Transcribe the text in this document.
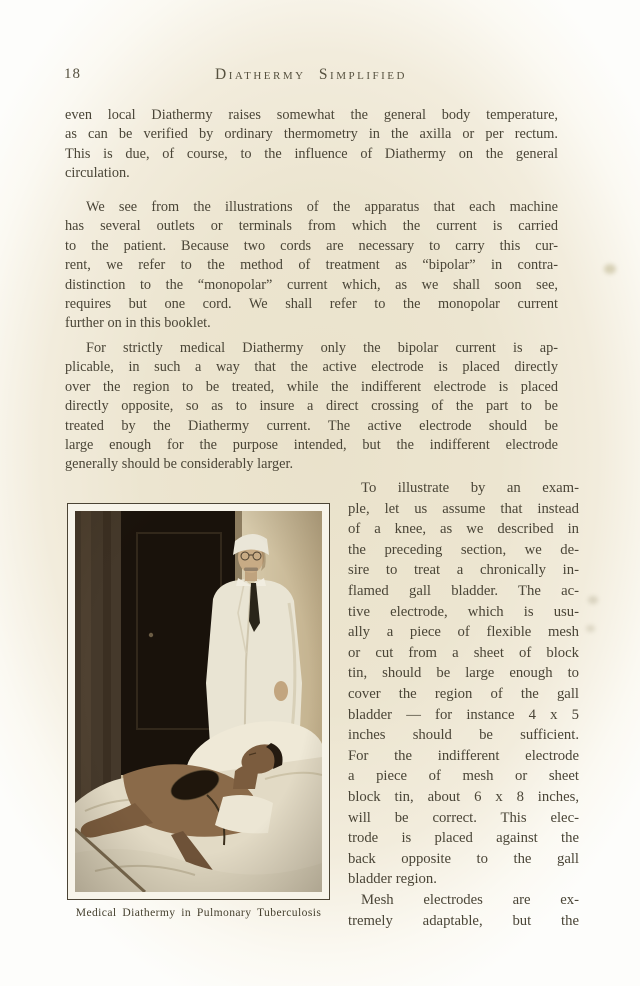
18	Diathermy Simplified
even local Diathermy raises somewhat the general body temperature,
as can be verified by ordinary thermometry in the axilla or per rectum.
This is due, of course, to the influence of Diathermy on the general
circulation.
We see from the illustrations of the apparatus that each machine
has several outlets or terminals from which the current is carried
to the patient. Because two cords are necessary to carry this cur-
rent, we refer to the method of treatment as “bipolar” in contra-
distinction to the “monopolar” current which, as we shall soon see,
requires but one cord. We shall refer to the monopolar current
further on in this booklet.
For strictly medical Diathermy only the bipolar current is ap-
plicable, in such a way that the active electrode is placed directly
over the region to be treated, while the indifferent electrode is placed
directly opposite, so as to insure a direct crossing of the part to be
treated by the Diathermy current. The active electrode should be
large enough for the purpose intended, but the indifferent electrode
generally should be considerably larger.
To illustrate by an exam-
ple, let us assume that instead
of a knee, as we described in
the preceding section, we de-
sire to treat a chronically in-
flamed gall bladder. The ac-
tive electrode, which is usu-
ally a piece of flexible mesh
or cut from a sheet of block
tin, should be large enough to
cover the region of the gall
bladder — for instance 4 x 5
inches should be sufficient.
For the indifferent electrode
a piece of mesh or sheet
block tin, about 6 x 8 inches,
will be correct. This elec-
trode is placed against the
back opposite to the gall
bladder region.
Mesh electrodes are ex-
tremely adaptable, but the
Medical Diathermy in Pulmonary Tuberculosis
